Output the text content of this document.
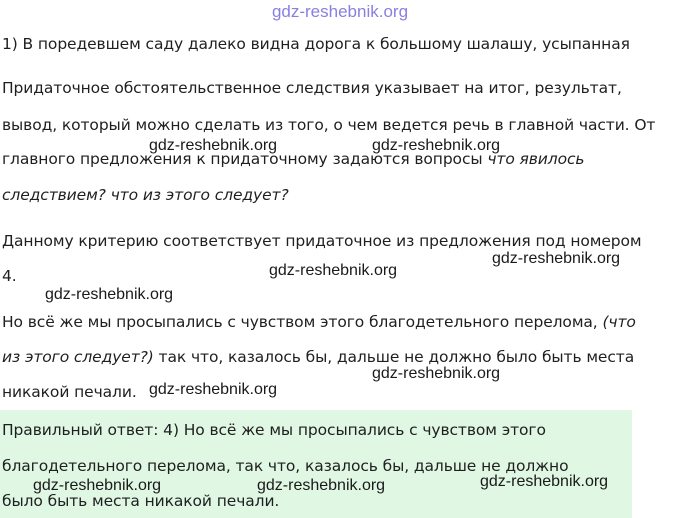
gdz-reshebnik.org

1) В поредевшем саду далеко видна дорога к большому шалашу, усыпанная

Придаточное обстоятельственное следствия указывает на итог, результат,

вывод, который можно сделать из того, о чем ведется речь в главной части. От

главного предложения к придаточному задаются вопросы что явилось

следствием? что из этого следует?

Данному критерию соответствует придаточное из предложения под номером

4.

Но всё же мы просыпались с чувством этого благодетельного перелома, (что

из этого следует?) так что, казалось бы, дальше не должно было быть места

никакой печали.

Правильный ответ: 4) Но всё же мы просыпались с чувством этого

благодетельного перелома, так что, казалось бы, дальше не должно

было быть места никакой печали.

gdz-reshebnik.org	gdz-reshebnik.org
gdz-reshebnik.org
gdz-reshebnik.org
gdz-reshebnik.org
gdz-reshebnik.org
gdz-reshebnik.org
gdz-reshebnik.org
gdz-reshebnik.org	gdz-reshebnik.org
